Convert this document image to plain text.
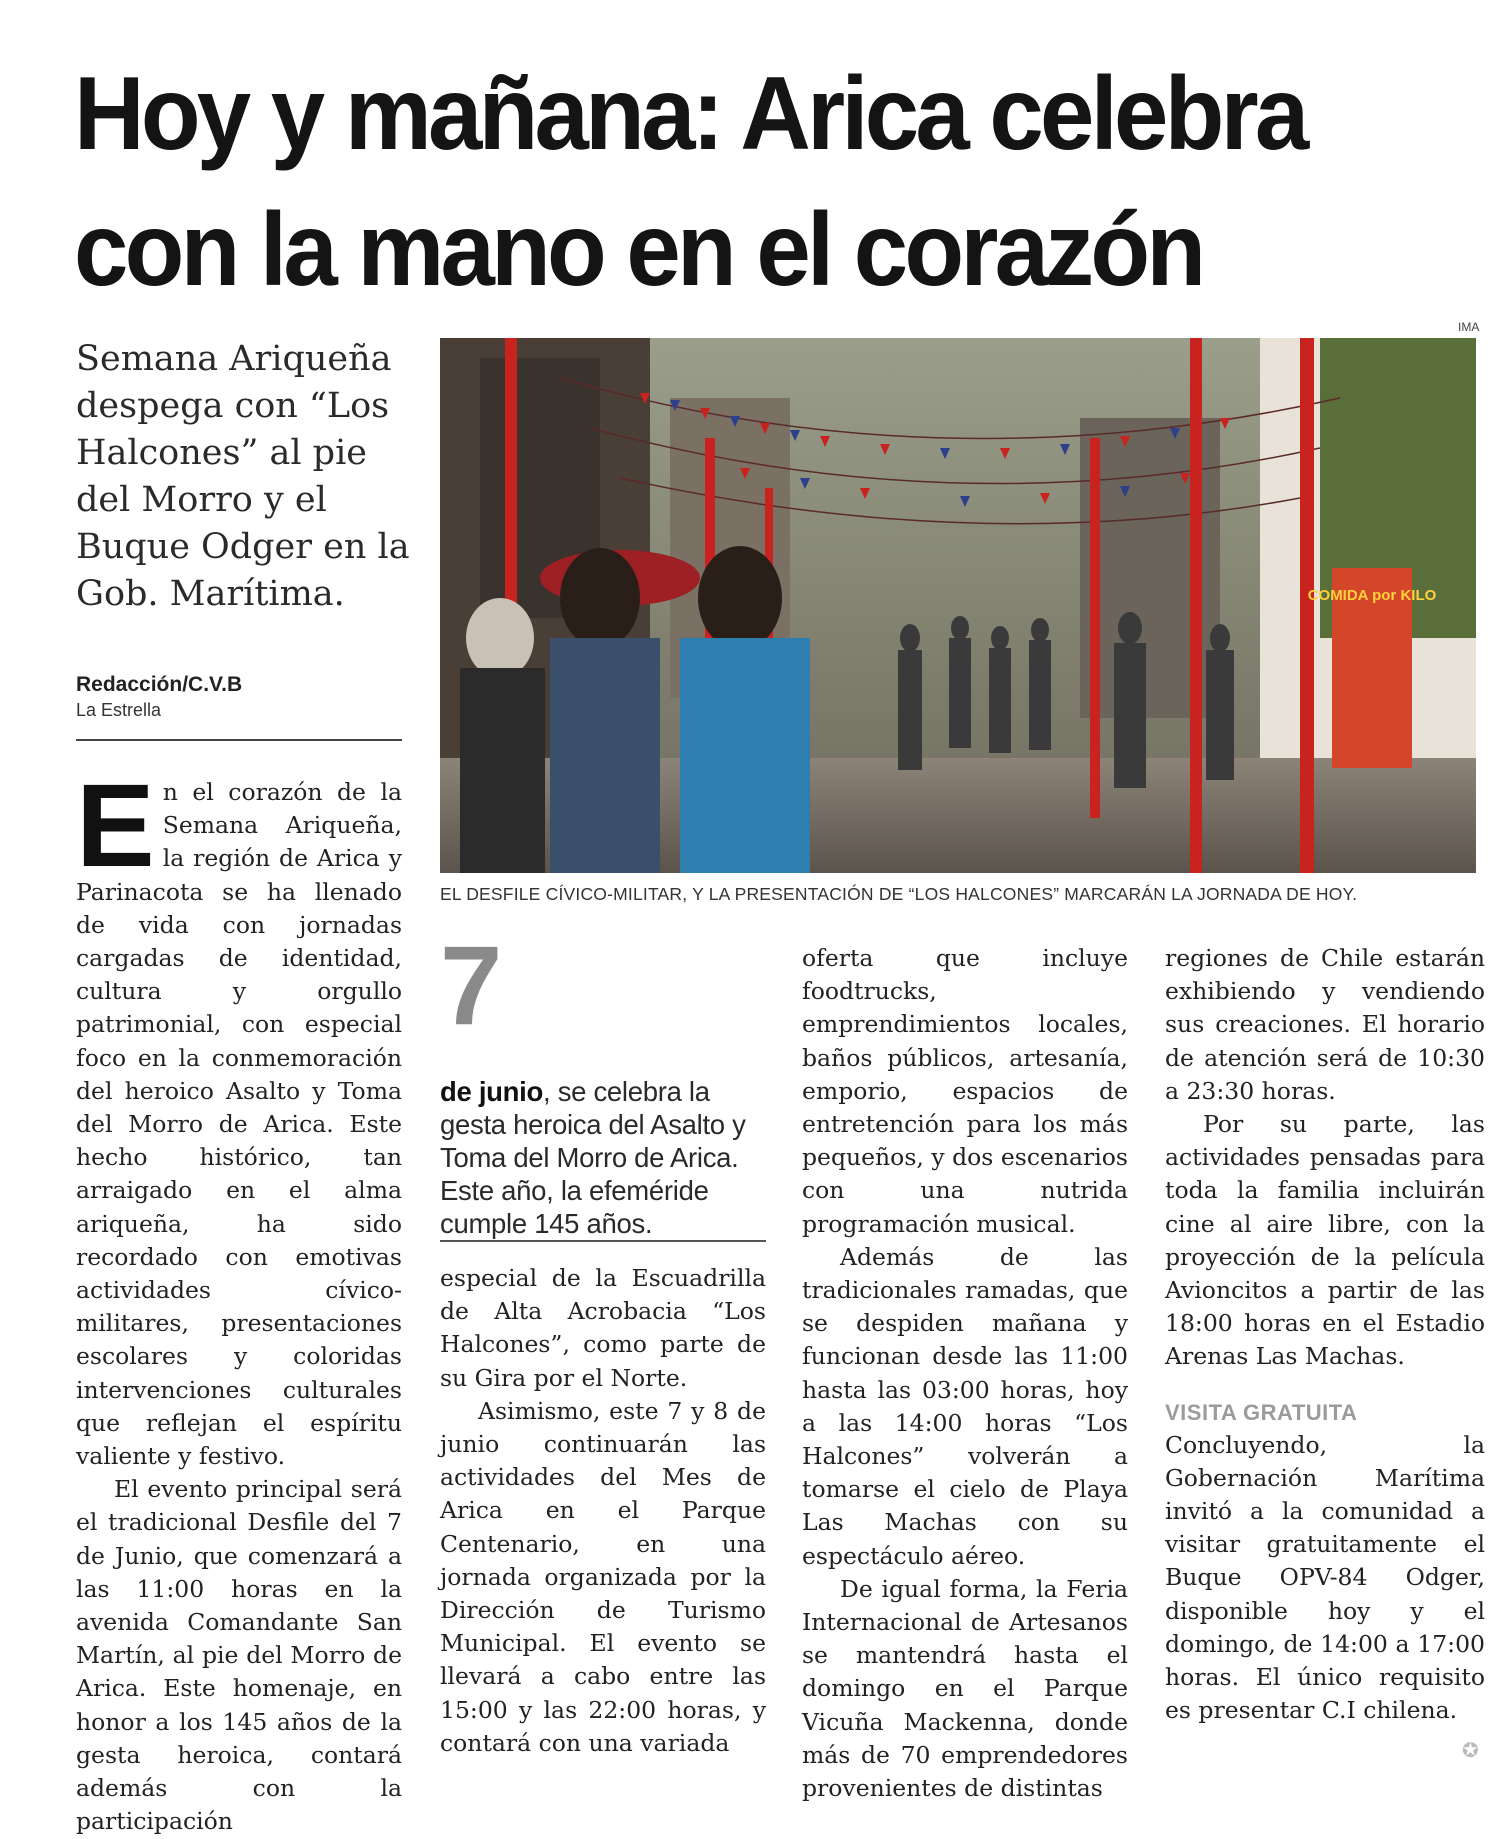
Hoy y mañana: Arica celebra
con la mano en el corazón
Semana Ariqueña despega con “Los Halcones” al pie del Morro y el Buque Odger en la Gob. Marítima.
Redacción/C.V.B
La Estrella
IMA
COMIDA por KILO
EL DESFILE CÍVICO-MILITAR, Y LA PRESENTACIÓN DE “LOS HALCONES” MARCARÁN LA JORNADA DE HOY.
E n el corazón de la Semana Ariqueña, la región de Arica y Parinacota se ha llenado de vida con jornadas cargadas de identidad, cultura y orgullo patrimonial, con especial foco en la conmemoración del heroico Asalto y Toma del Morro de Arica. Este hecho histórico, tan arraigado en el alma ariqueña, ha sido recordado con emotivas actividades cívico-militares, presentaciones escolares y coloridas intervenciones culturales que reflejan el espíritu valiente y festivo.

El evento principal será el tradicional Desfile del 7 de Junio, que comenzará a las 11:00 horas en la avenida Comandante San Martín, al pie del Morro de Arica. Este homenaje, en honor a los 145 años de la gesta heroica, contará además con la participación

7
de junio, se celebra la gesta heroica del Asalto y Toma del Morro de Arica. Este año, la efeméride cumple 145 años.

especial de la Escuadrilla de Alta Acrobacia “Los Halcones”, como parte de su Gira por el Norte.

Asimismo, este 7 y 8 de junio continuarán las actividades del Mes de Arica en el Parque Centenario, en una jornada organizada por la Dirección de Turismo Municipal. El evento se llevará a cabo entre las 15:00 y las 22:00 horas, y contará con una variada

oferta que incluye foodtrucks, emprendimientos locales, baños públicos, artesanía, emporio, espacios de entretención para los más pequeños, y dos escenarios con una nutrida programación musical.

Además de las tradicionales ramadas, que se despiden mañana y funcionan desde las 11:00 hasta las 03:00 horas, hoy a las 14:00 horas “Los Halcones” volverán a tomarse el cielo de Playa Las Machas con su espectáculo aéreo.

De igual forma, la Feria Internacional de Artesanos se mantendrá hasta el domingo en el Parque Vicuña Mackenna, donde más de 70 emprendedores provenientes de distintas

regiones de Chile estarán exhibiendo y vendiendo sus creaciones. El horario de atención será de 10:30 a 23:30 horas.

Por su parte, las actividades pensadas para toda la familia incluirán cine al aire libre, con la proyección de la película Avioncitos a partir de las 18:00 horas en el Estadio Arenas Las Machas.

VISITA GRATUITA

Concluyendo, la Gobernación Marítima invitó a la comunidad a visitar gratuitamente el Buque OPV-84 Odger, disponible hoy y el domingo, de 14:00 a 17:00 horas. El único requisito es presentar C.I chilena.

✪
